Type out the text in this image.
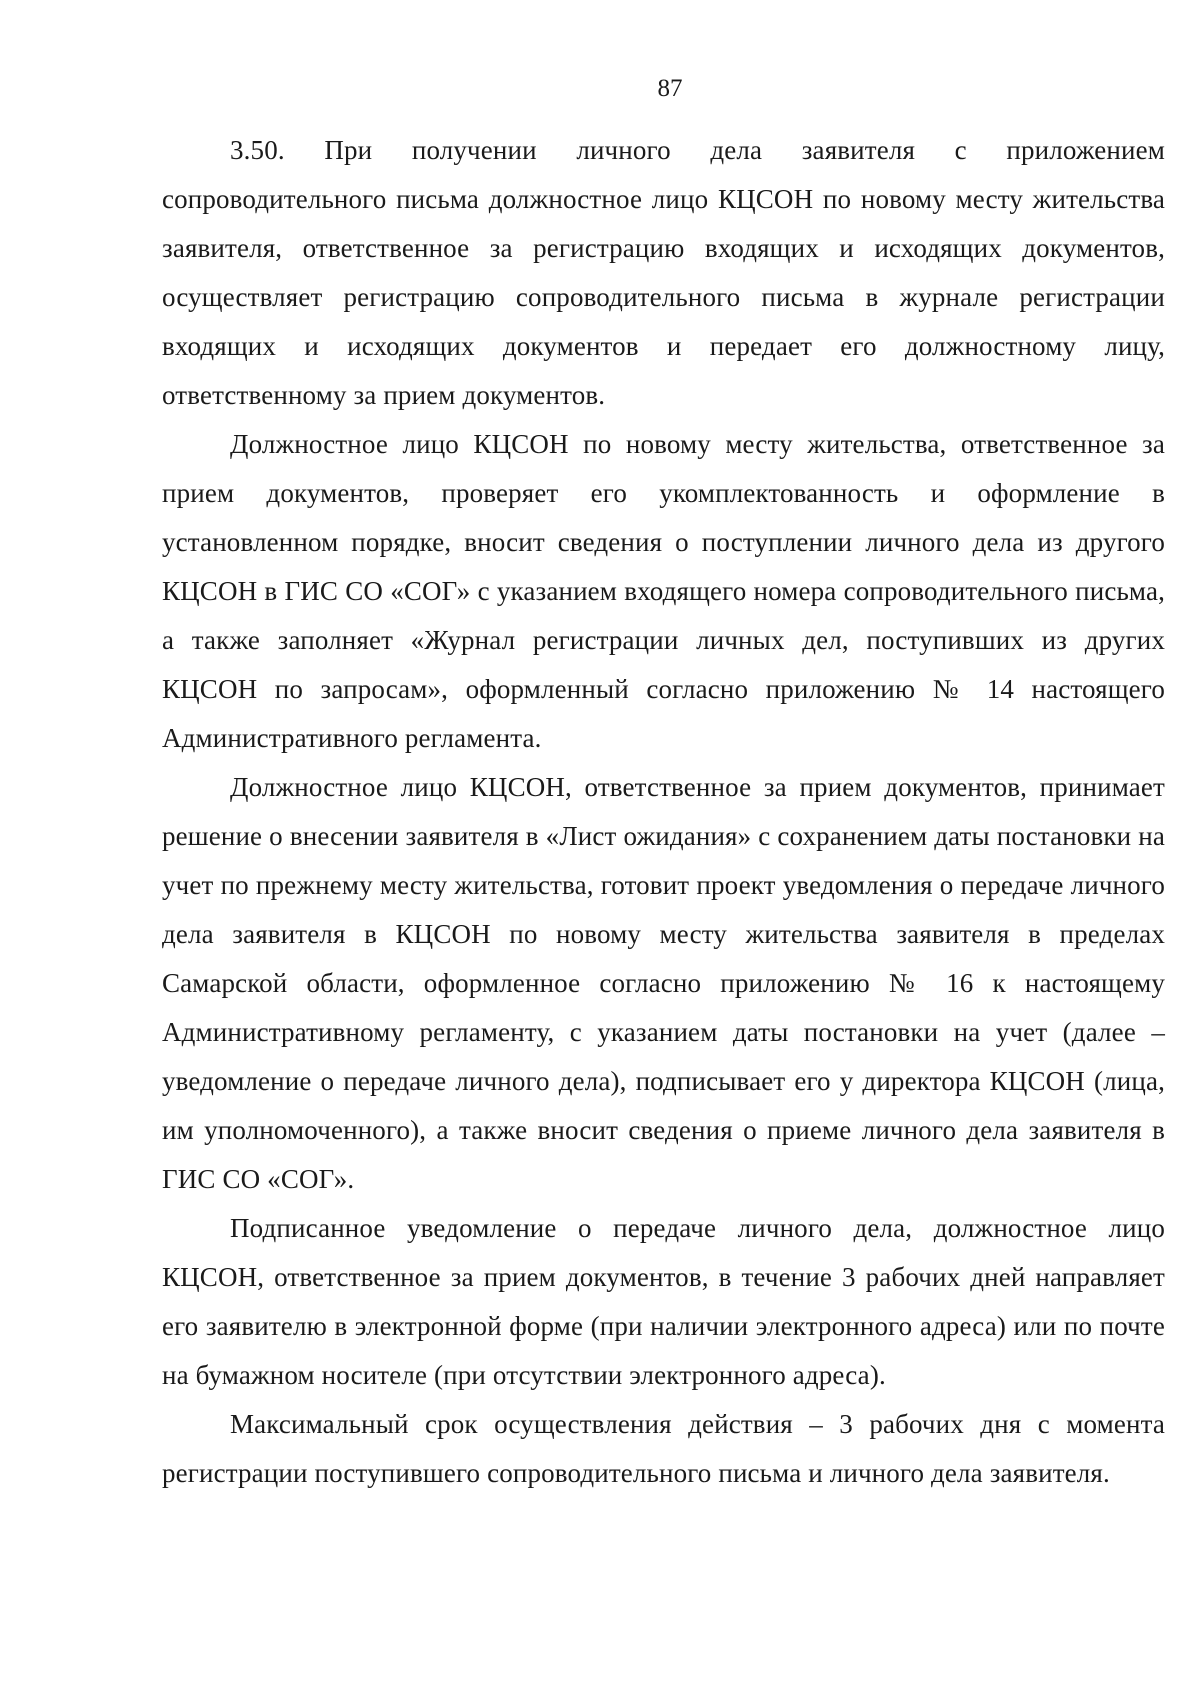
87

3.50. При получении личного дела заявителя с приложением сопроводительного письма должностное лицо КЦСОН по новому месту жительства заявителя, ответственное за регистрацию входящих и исходящих документов, осуществляет регистрацию сопроводительного письма в журнале регистрации входящих и исходящих документов и передает его должностному лицу, ответственному за прием документов.

Должностное лицо КЦСОН по новому месту жительства, ответственное за прием документов, проверяет его укомплектованность и оформление в установленном порядке, вносит сведения о поступлении личного дела из другого КЦСОН в ГИС СО «СОГ» с указанием входящего номера сопроводительного письма, а также заполняет «Журнал регистрации личных дел, поступивших из других КЦСОН по запросам», оформленный согласно приложению № 14 настоящего Административного регламента.

Должностное лицо КЦСОН, ответственное за прием документов, принимает решение о внесении заявителя в «Лист ожидания» с сохранением даты постановки на учет по прежнему месту жительства, готовит проект уведомления о передаче личного дела заявителя в КЦСОН по новому месту жительства заявителя в пределах Самарской области, оформленное согласно приложению № 16 к настоящему Административному регламенту, с указанием даты постановки на учет (далее – уведомление о передаче личного дела), подписывает его у директора КЦСОН (лица, им уполномоченного), а также вносит сведения о приеме личного дела заявителя в ГИС СО «СОГ».

Подписанное уведомление о передаче личного дела, должностное лицо КЦСОН, ответственное за прием документов, в течение 3 рабочих дней направляет его заявителю в электронной форме (при наличии электронного адреса) или по почте на бумажном носителе (при отсутствии электронного адреса).

Максимальный срок осуществления действия – 3 рабочих дня с момента регистрации поступившего сопроводительного письма и личного дела заявителя.
